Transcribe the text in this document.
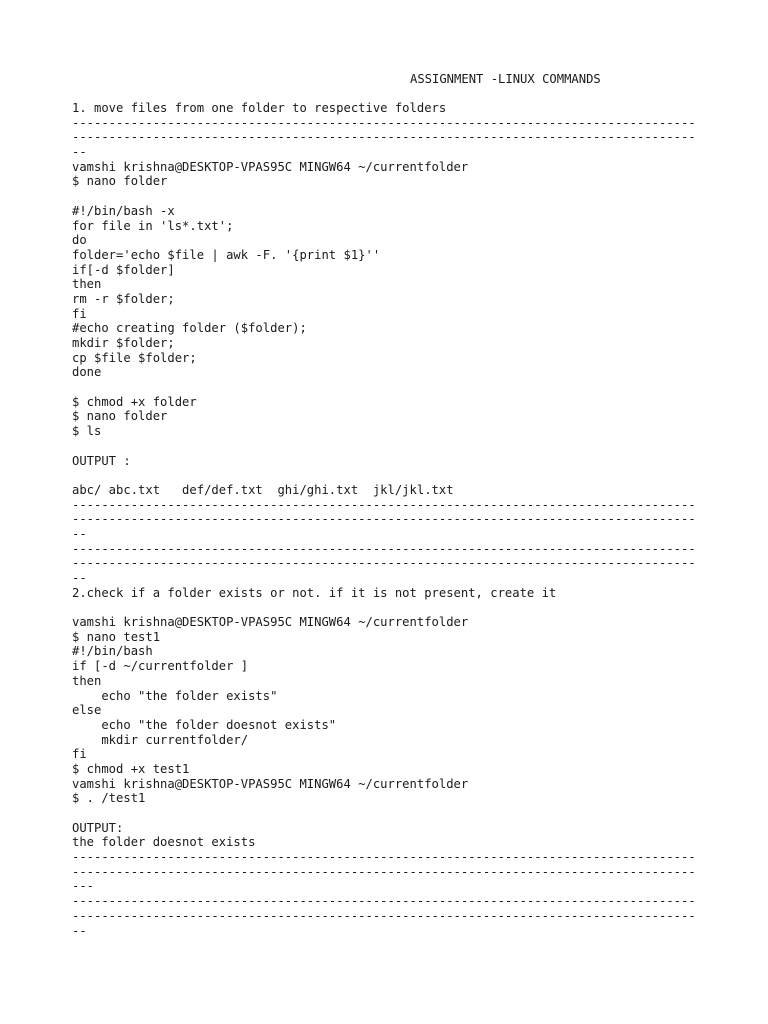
ASSIGNMENT -LINUX COMMANDS
1. move files from one folder to respective folders
-------------------------------------------------------------------------------------
-------------------------------------------------------------------------------------
--
vamshi krishna@DESKTOP-VPAS95C MINGW64 ~/currentfolder
$ nano folder
#!/bin/bash -x
for file in 'ls*.txt';
do
folder='echo $file | awk -F. '{print $1}''
if[-d $folder]
then
rm -r $folder;
fi
#echo creating folder ($folder);
mkdir $folder;
cp $file $folder;
done
$ chmod +x folder
$ nano folder
$ ls
OUTPUT :
abc/ abc.txt   def/def.txt  ghi/ghi.txt  jkl/jkl.txt
-------------------------------------------------------------------------------------
-------------------------------------------------------------------------------------
--
-------------------------------------------------------------------------------------
-------------------------------------------------------------------------------------
--
2.check if a folder exists or not. if it is not present, create it
vamshi krishna@DESKTOP-VPAS95C MINGW64 ~/currentfolder
$ nano test1
#!/bin/bash
if [-d ~/currentfolder ]
then
echo "the folder exists"
else
echo "the folder doesnot exists"
mkdir currentfolder/
fi
$ chmod +x test1
vamshi krishna@DESKTOP-VPAS95C MINGW64 ~/currentfolder
$ . /test1
OUTPUT:
the folder doesnot exists
-------------------------------------------------------------------------------------
-------------------------------------------------------------------------------------
---
-------------------------------------------------------------------------------------
-------------------------------------------------------------------------------------
--
